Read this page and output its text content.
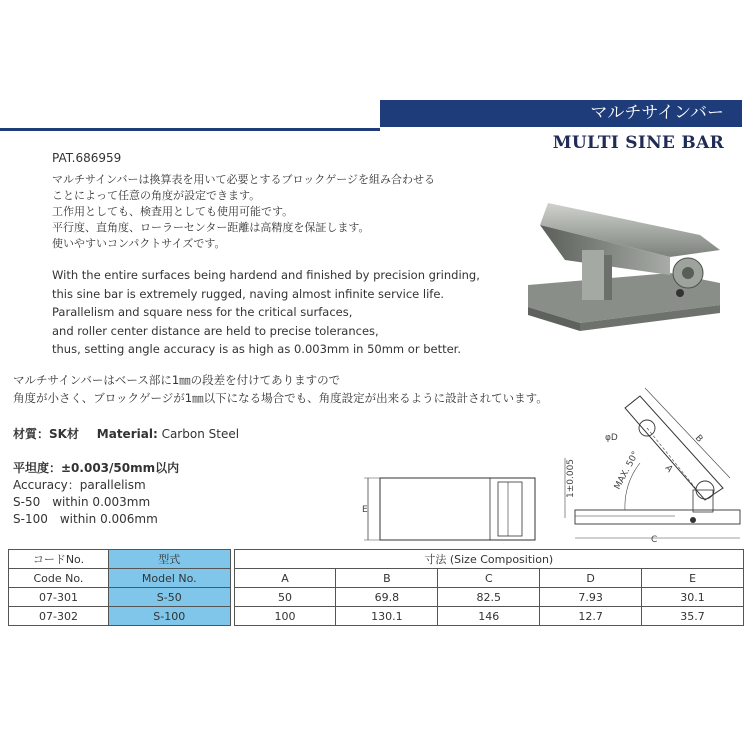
マルチサインバー
MULTI SINE BAR
PAT.686959
マルチサインバーは換算表を用いて必要とするブロックゲージを組み合わせる
ことによって任意の角度が設定できます。
工作用としても、検査用としても使用可能です。
平行度、直角度、ローラーセンター距離は高精度を保証します。
使いやすいコンパクトサイズです。
With the entire surfaces being hardend and finished by precision grinding,
this sine bar is extremely rugged, naving almost infinite service life.
Parallelism and square ness for the critical surfaces,
and roller center distance are held to precise tolerances,
thus, setting angle accuracy is as high as 0.003mm in 50mm or better.
マルチサインバーはベース部に1㎜の段差を付けてありますので
角度が小さく、ブロックゲージが1㎜以下になる場合でも、角度設定が出来るように設計されています。
材質：SK材 Material: Carbon Steel
平坦度：±0.003/50mm以内
Accuracy：parallelism
S-50　within 0.003mm
S-100　within 0.006mm
E
1±0.005
B
φD
A
MAX. 50°
C
コードNo.	型式		寸法 (Size Composition)				
Code No.	Model No.		A	B	C	D	E
07-301	S-50		50	69.8	82.5	7.93	30.1
07-302	S-100		100	130.1	146	12.7	35.7
